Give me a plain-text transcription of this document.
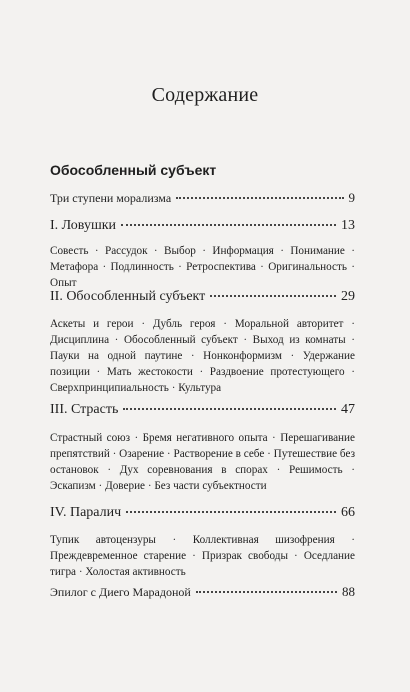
Содержание
Обособленный субъект
Три ступени морализма	9
I. Ловушки	13
Совесть · Рассудок · Выбор · Информация · Понимание · Метафора · Подлинность · Ретроспектива · Оригинальность · Опыт
II. Обособленный субъект	29
Аскеты и герои · Дубль героя · Моральной авторитет · Дисциплина · Обособленный субъект · Выход из комнаты · Пауки на одной паутине · Нонконформизм · Удержание позиции · Мать жестокости · Раздвоение протестующего · Сверхпринципиальность · Культура
III. Страсть	47
Страстный союз · Бремя негативного опыта · Перешагивание препятствий · Озарение · Растворение в себе · Путешествие без остановок · Дух соревнования в спорах · Решимость · Эскапизм · Доверие · Без части субъектности
IV. Паралич	66
Тупик автоцензуры · Коллективная шизофрения · Преждевременное старение · Призрак свободы · Оседлание тигра · Холостая активность
Эпилог с Диего Марадоной	88
